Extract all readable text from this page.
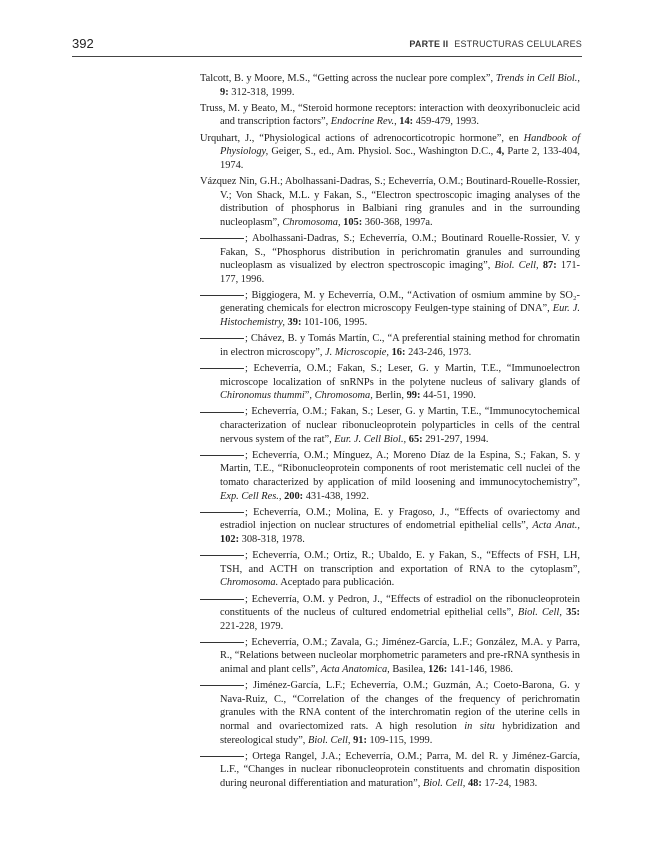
392	PARTE II ESTRUCTURAS CELULARES

Talcott, B. y Moore, M.S., “Getting across the nuclear pore complex”, Trends in Cell Biol., 9: 312-318, 1999.

Truss, M. y Beato, M., “Steroid hormone receptors: interaction with deoxyribonucleic acid and transcription factors”, Endocrine Rev., 14: 459-479, 1993.

Urquhart, J., “Physiological actions of adrenocorticotropic hormone”, en Handbook of Physiology, Geiger, S., ed., Am. Physiol. Soc., Washington D.C., 4, Parte 2, 133-404, 1974.

Vázquez Nin, G.H.; Abolhassani-Dadras, S.; Echeverría, O.M.; Boutinard-Rouelle-Rossier, V.; Von Shack, M.L. y Fakan, S., “Electron spectroscopic imaging analyses of the distribution of phosphorus in Balbiani ring granules and in the surrounding nucleoplasm”, Chromosoma, 105: 360-368, 1997a.

; Abolhassani-Dadras, S.; Echeverría, O.M.; Boutinard Rouelle-Rossier, V. y Fakan, S., “Phosphorus distribution in perichromatin granules and surrounding nucleoplasm as visualized by electron spectroscopic imaging”, Biol. Cell, 87: 171-177, 1996.

; Biggiogera, M. y Echeverría, O.M., “Activation of osmium ammine by SO₂-generating chemicals for electron microscopy Feulgen-type staining of DNA”, Eur. J. Histochemistry, 39: 101-106, 1995.

; Chávez, B. y Tomás Martín, C., “A preferential staining method for chromatin in electron microscopy”, J. Microscopie, 16: 243-246, 1973.

; Echeverría, O.M.; Fakan, S.; Leser, G. y Martin, T.E., “Immunoelectron microscope localization of snRNPs in the polytene nucleus of salivary glands of Chironomus thummi”, Chromosoma, Berlin, 99: 44-51, 1990.

; Echeverría, O.M.; Fakan, S.; Leser, G. y Martin, T.E., “Immunocytochemical characterization of nuclear ribonucleoprotein polyparticles in cells of the central nervous system of the rat”, Eur. J. Cell Biol., 65: 291-297, 1994.

; Echeverría, O.M.; Mínguez, A.; Moreno Díaz de la Espina, S.; Fakan, S. y Martin, T.E., “Ribonucleoprotein components of root meristematic cell nuclei of the tomato characterized by application of mild loosening and immunocytochemistry”, Exp. Cell Res., 200: 431-438, 1992.

; Echeverría, O.M.; Molina, E. y Fragoso, J., “Effects of ovariectomy and estradiol injection on nuclear structures of endometrial epithelial cells”, Acta Anat., 102: 308-318, 1978.

; Echeverría, O.M.; Ortiz, R.; Ubaldo, E. y Fakan, S., “Effects of FSH, LH, TSH, and ACTH on transcription and exportation of RNA to the cytoplasm”, Chromosoma. Aceptado para publicación.

; Echeverría, O.M. y Pedron, J., “Effects of estradiol on the ribonucleoprotein constituents of the nucleus of cultured endometrial epithelial cells”, Biol. Cell, 35: 221-228, 1979.

; Echeverría, O.M.; Zavala, G.; Jiménez-García, L.F.; González, M.A. y Parra, R., “Relations between nucleolar morphometric parameters and pre-rRNA synthesis in animal and plant cells”, Acta Anatomica, Basilea, 126: 141-146, 1986.

; Jiménez-García, L.F.; Echeverría, O.M.; Guzmán, A.; Coeto-Barona, G. y Nava-Ruiz, C., “Correlation of the changes of the frequency of perichromatin granules with the RNA content of the interchromatin region of the uterine cells in normal and ovariectomized rats. A high resolution in situ hybridization and stereological study”, Biol. Cell, 91: 109-115, 1999.

; Ortega Rangel, J.A.; Echeverría, O.M.; Parra, M. del R. y Jiménez-García, L.F., “Changes in nuclear ribonucleoprotein constituents and chromatin disposition during neuronal differentiation and maturation”, Biol. Cell, 48: 17-24, 1983.
